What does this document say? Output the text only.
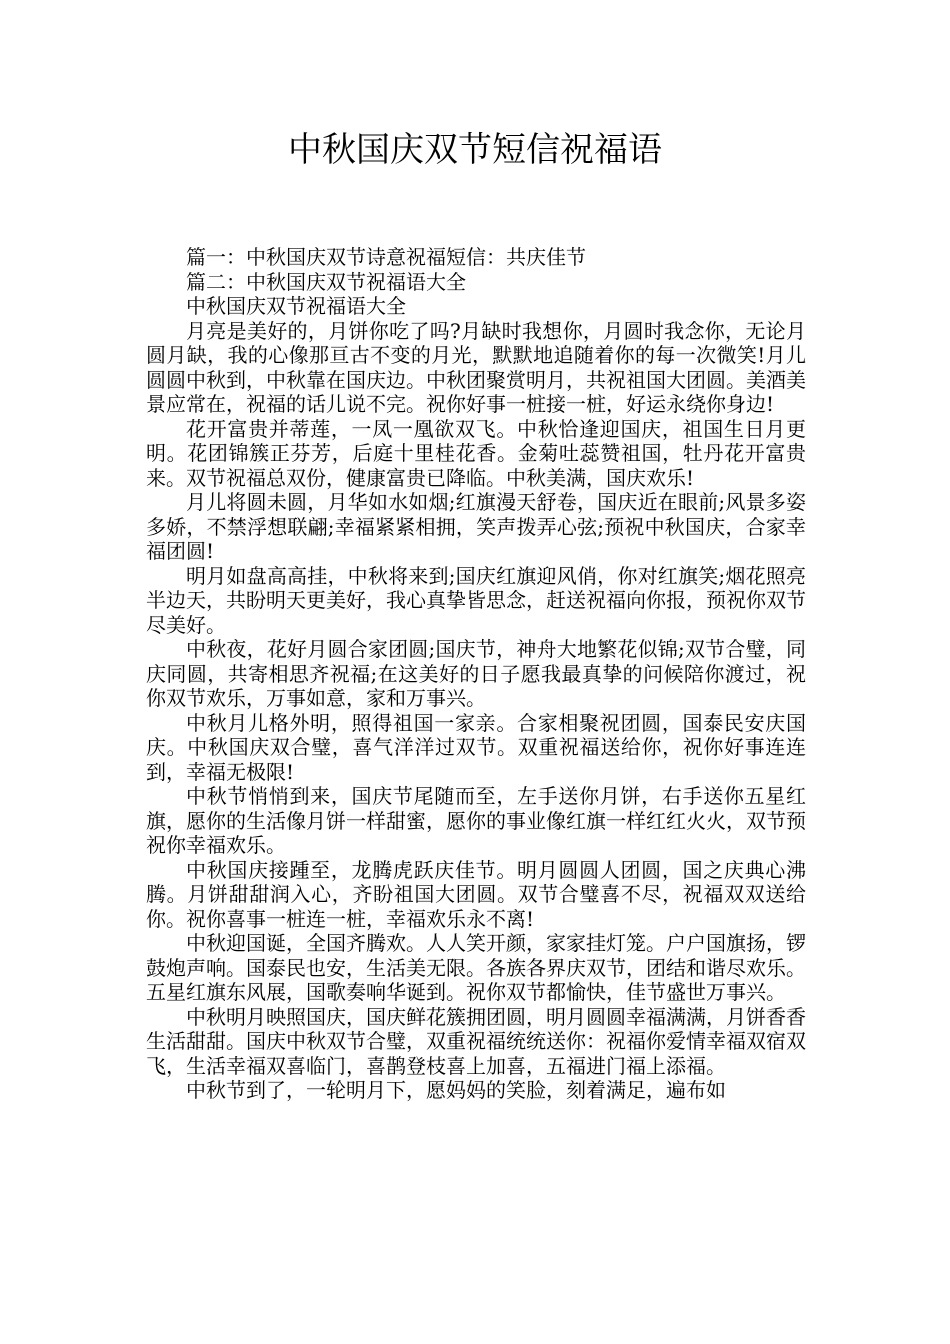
中秋国庆双节短信祝福语

篇一：中秋国庆双节诗意祝福短信：共庆佳节

篇二：中秋国庆双节祝福语大全

中秋国庆双节祝福语大全

月亮是美好的，月饼你吃了吗?月缺时我想你，月圆时我念你，无论月圆月缺，我的心像那亘古不变的月光，默默地追随着你的每一次微笑!月儿圆圆中秋到，中秋靠在国庆边。中秋团聚赏明月，共祝祖国大团圆。美酒美景应常在，祝福的话儿说不完。祝你好事一桩接一桩，好运永绕你身边!

花开富贵并蒂莲，一凤一凰欲双飞。中秋恰逢迎国庆，祖国生日月更明。花团锦簇正芬芳，后庭十里桂花香。金菊吐蕊赞祖国，牡丹花开富贵来。双节祝福总双份，健康富贵已降临。中秋美满，国庆欢乐!

月儿将圆未圆，月华如水如烟;红旗漫天舒卷，国庆近在眼前;风景多姿多娇，不禁浮想联翩;幸福紧紧相拥，笑声拨弄心弦;预祝中秋国庆，合家幸福团圆!

明月如盘高高挂，中秋将来到;国庆红旗迎风俏，你对红旗笑;烟花照亮半边天，共盼明天更美好，我心真挚皆思念，赶送祝福向你报，预祝你双节尽美好。

中秋夜，花好月圆合家团圆;国庆节，神舟大地繁花似锦;双节合璧，同庆同圆，共寄相思齐祝福;在这美好的日子愿我最真挚的问候陪你渡过，祝你双节欢乐，万事如意，家和万事兴。

中秋月儿格外明，照得祖国一家亲。合家相聚祝团圆，国泰民安庆国庆。中秋国庆双合璧，喜气洋洋过双节。双重祝福送给你，祝你好事连连到，幸福无极限!

中秋节悄悄到来，国庆节尾随而至，左手送你月饼，右手送你五星红旗，愿你的生活像月饼一样甜蜜，愿你的事业像红旗一样红红火火，双节预祝你幸福欢乐。

中秋国庆接踵至，龙腾虎跃庆佳节。明月圆圆人团圆，国之庆典心沸腾。月饼甜甜润入心，齐盼祖国大团圆。双节合璧喜不尽，祝福双双送给你。祝你喜事一桩连一桩，幸福欢乐永不离!

中秋迎国诞，全国齐腾欢。人人笑开颜，家家挂灯笼。户户国旗扬，锣鼓炮声响。国泰民也安，生活美无限。各族各界庆双节，团结和谐尽欢乐。五星红旗东风展，国歌奏响华诞到。祝你双节都愉快，佳节盛世万事兴。

中秋明月映照国庆，国庆鲜花簇拥团圆，明月圆圆幸福满满，月饼香香生活甜甜。国庆中秋双节合璧，双重祝福统统送你：祝福你爱情幸福双宿双飞，生活幸福双喜临门，喜鹊登枝喜上加喜，五福进门福上添福。

中秋节到了，一轮明月下，愿妈妈的笑脸，刻着满足，遍布如
